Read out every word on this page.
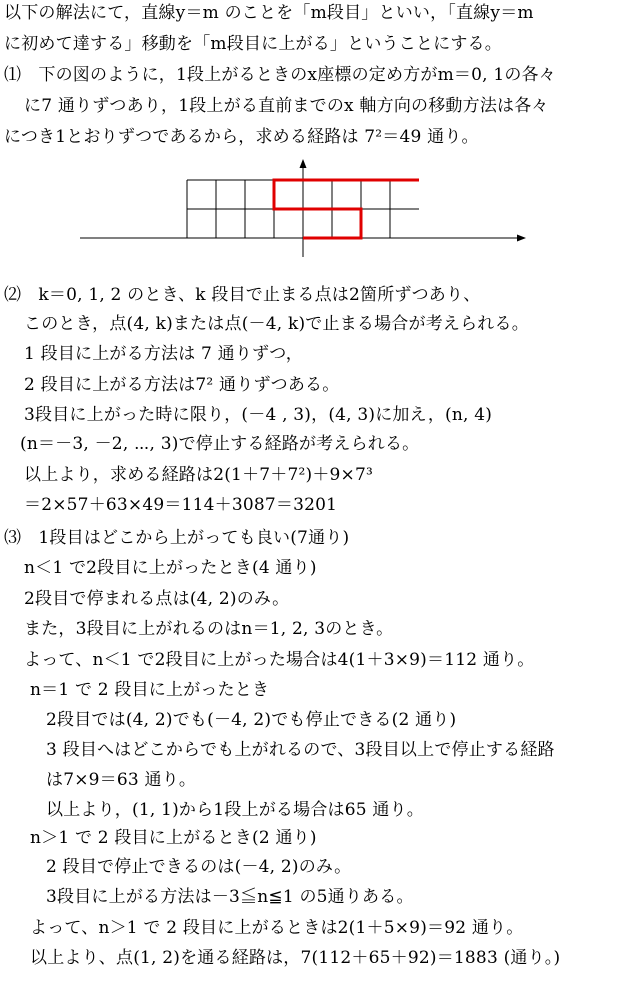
以下の解法にて，直線y＝m のことを「m段目」といい，「直線y＝m
に初めて達する」移動を「m段目に上がる」ということにする。
⑴　下の図のように，1段上がるときのx座標の定め方がm＝0, 1の各々
に7 通りずつあり，1段上がる直前までのx 軸方向の移動方法は各々
につき1とおりずつであるから，求める経路は 7²＝49 通り。
⑵　k＝0, 1, 2 のとき、k 段目で止まる点は2箇所ずつあり、
このとき，点(4, k)または点(－4, k)で止まる場合が考えられる。
1 段目に上がる方法は 7 通りずつ，
2 段目に上がる方法は7² 通りずつある。
3段目に上がった時に限り，(－4 , 3)，(4, 3)に加え，(n, 4)
(n＝－3, －2, ⋯, 3)で停止する経路が考えられる。
以上より，求める経路は2(1＋7＋7²)＋9×7³
＝2×57＋63×49＝114＋3087＝3201
⑶　1段目はどこから上がっても良い(7通り)
n＜1 で2段目に上がったとき(4 通り)
2段目で停まれる点は(4, 2)のみ。
また，3段目に上がれるのはn＝1, 2, 3のとき。
よって、n＜1 で2段目に上がった場合は4(1＋3×9)＝112 通り。
n＝1 で 2 段目に上がったとき
2段目では(4, 2)でも(－4, 2)でも停止できる(2 通り)
3 段目へはどこからでも上がれるので、3段目以上で停止する経路
は7×9＝63 通り。
以上より，(1, 1)から1段上がる場合は65 通り。
n＞1 で 2 段目に上がるとき(2 通り)
2 段目で停止できるのは(－4, 2)のみ。
3段目に上がる方法は－3≦n≦1 の5通りある。
よって、n＞1 で 2 段目に上がるときは2(1＋5×9)＝92 通り。
以上より、点(1, 2)を通る経路は，7(112＋65＋92)＝1883 (通り。)
